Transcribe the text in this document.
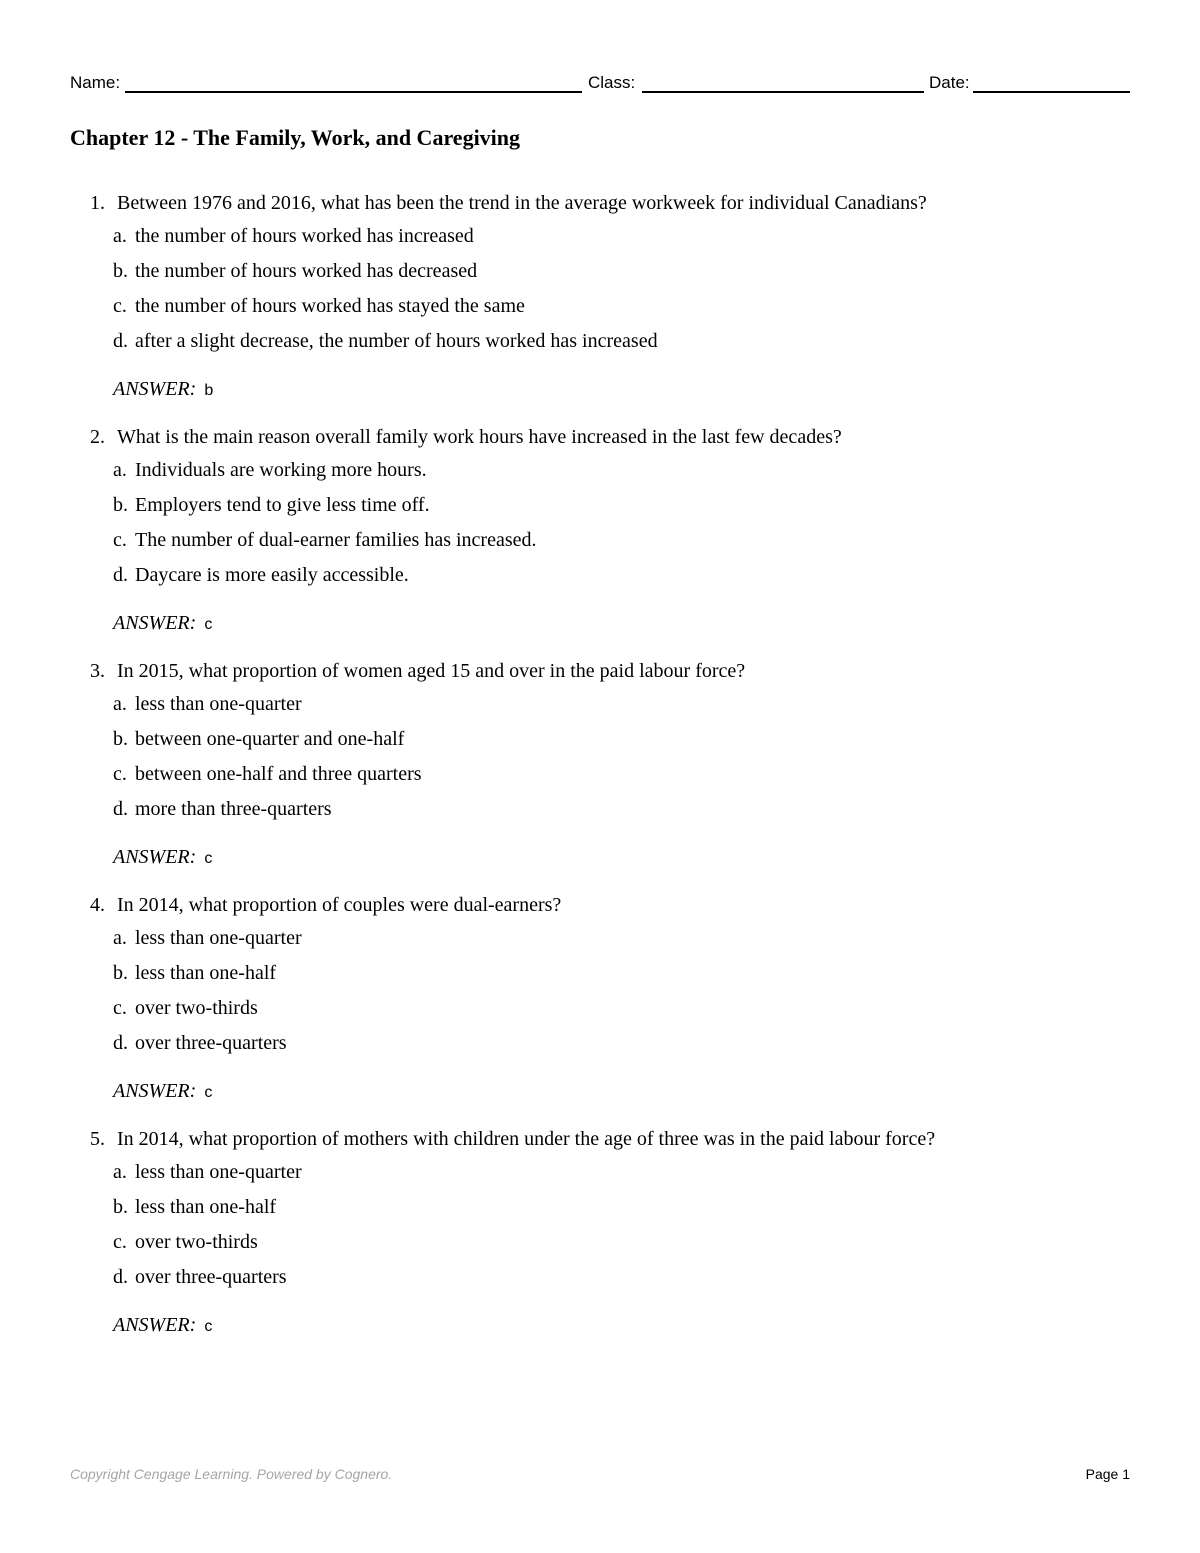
Name:	Class:	Date:
Chapter 12 - The Family, Work, and Caregiving
1. Between 1976 and 2016, what has been the trend in the average workweek for individual Canadians?
a. the number of hours worked has increased
b. the number of hours worked has decreased
c. the number of hours worked has stayed the same
d. after a slight decrease, the number of hours worked has increased
ANSWER: b
2. What is the main reason overall family work hours have increased in the last few decades?
a. Individuals are working more hours.
b. Employers tend to give less time off.
c. The number of dual-earner families has increased.
d. Daycare is more easily accessible.
ANSWER: c
3. In 2015, what proportion of women aged 15 and over in the paid labour force?
a. less than one-quarter
b. between one-quarter and one-half
c. between one-half and three quarters
d. more than three-quarters
ANSWER: c
4. In 2014, what proportion of couples were dual-earners?
a. less than one-quarter
b. less than one-half
c. over two-thirds
d. over three-quarters
ANSWER: c
5. In 2014, what proportion of mothers with children under the age of three was in the paid labour force?
a. less than one-quarter
b. less than one-half
c. over two-thirds
d. over three-quarters
ANSWER: c
Copyright Cengage Learning. Powered by Cognero.	Page 1
